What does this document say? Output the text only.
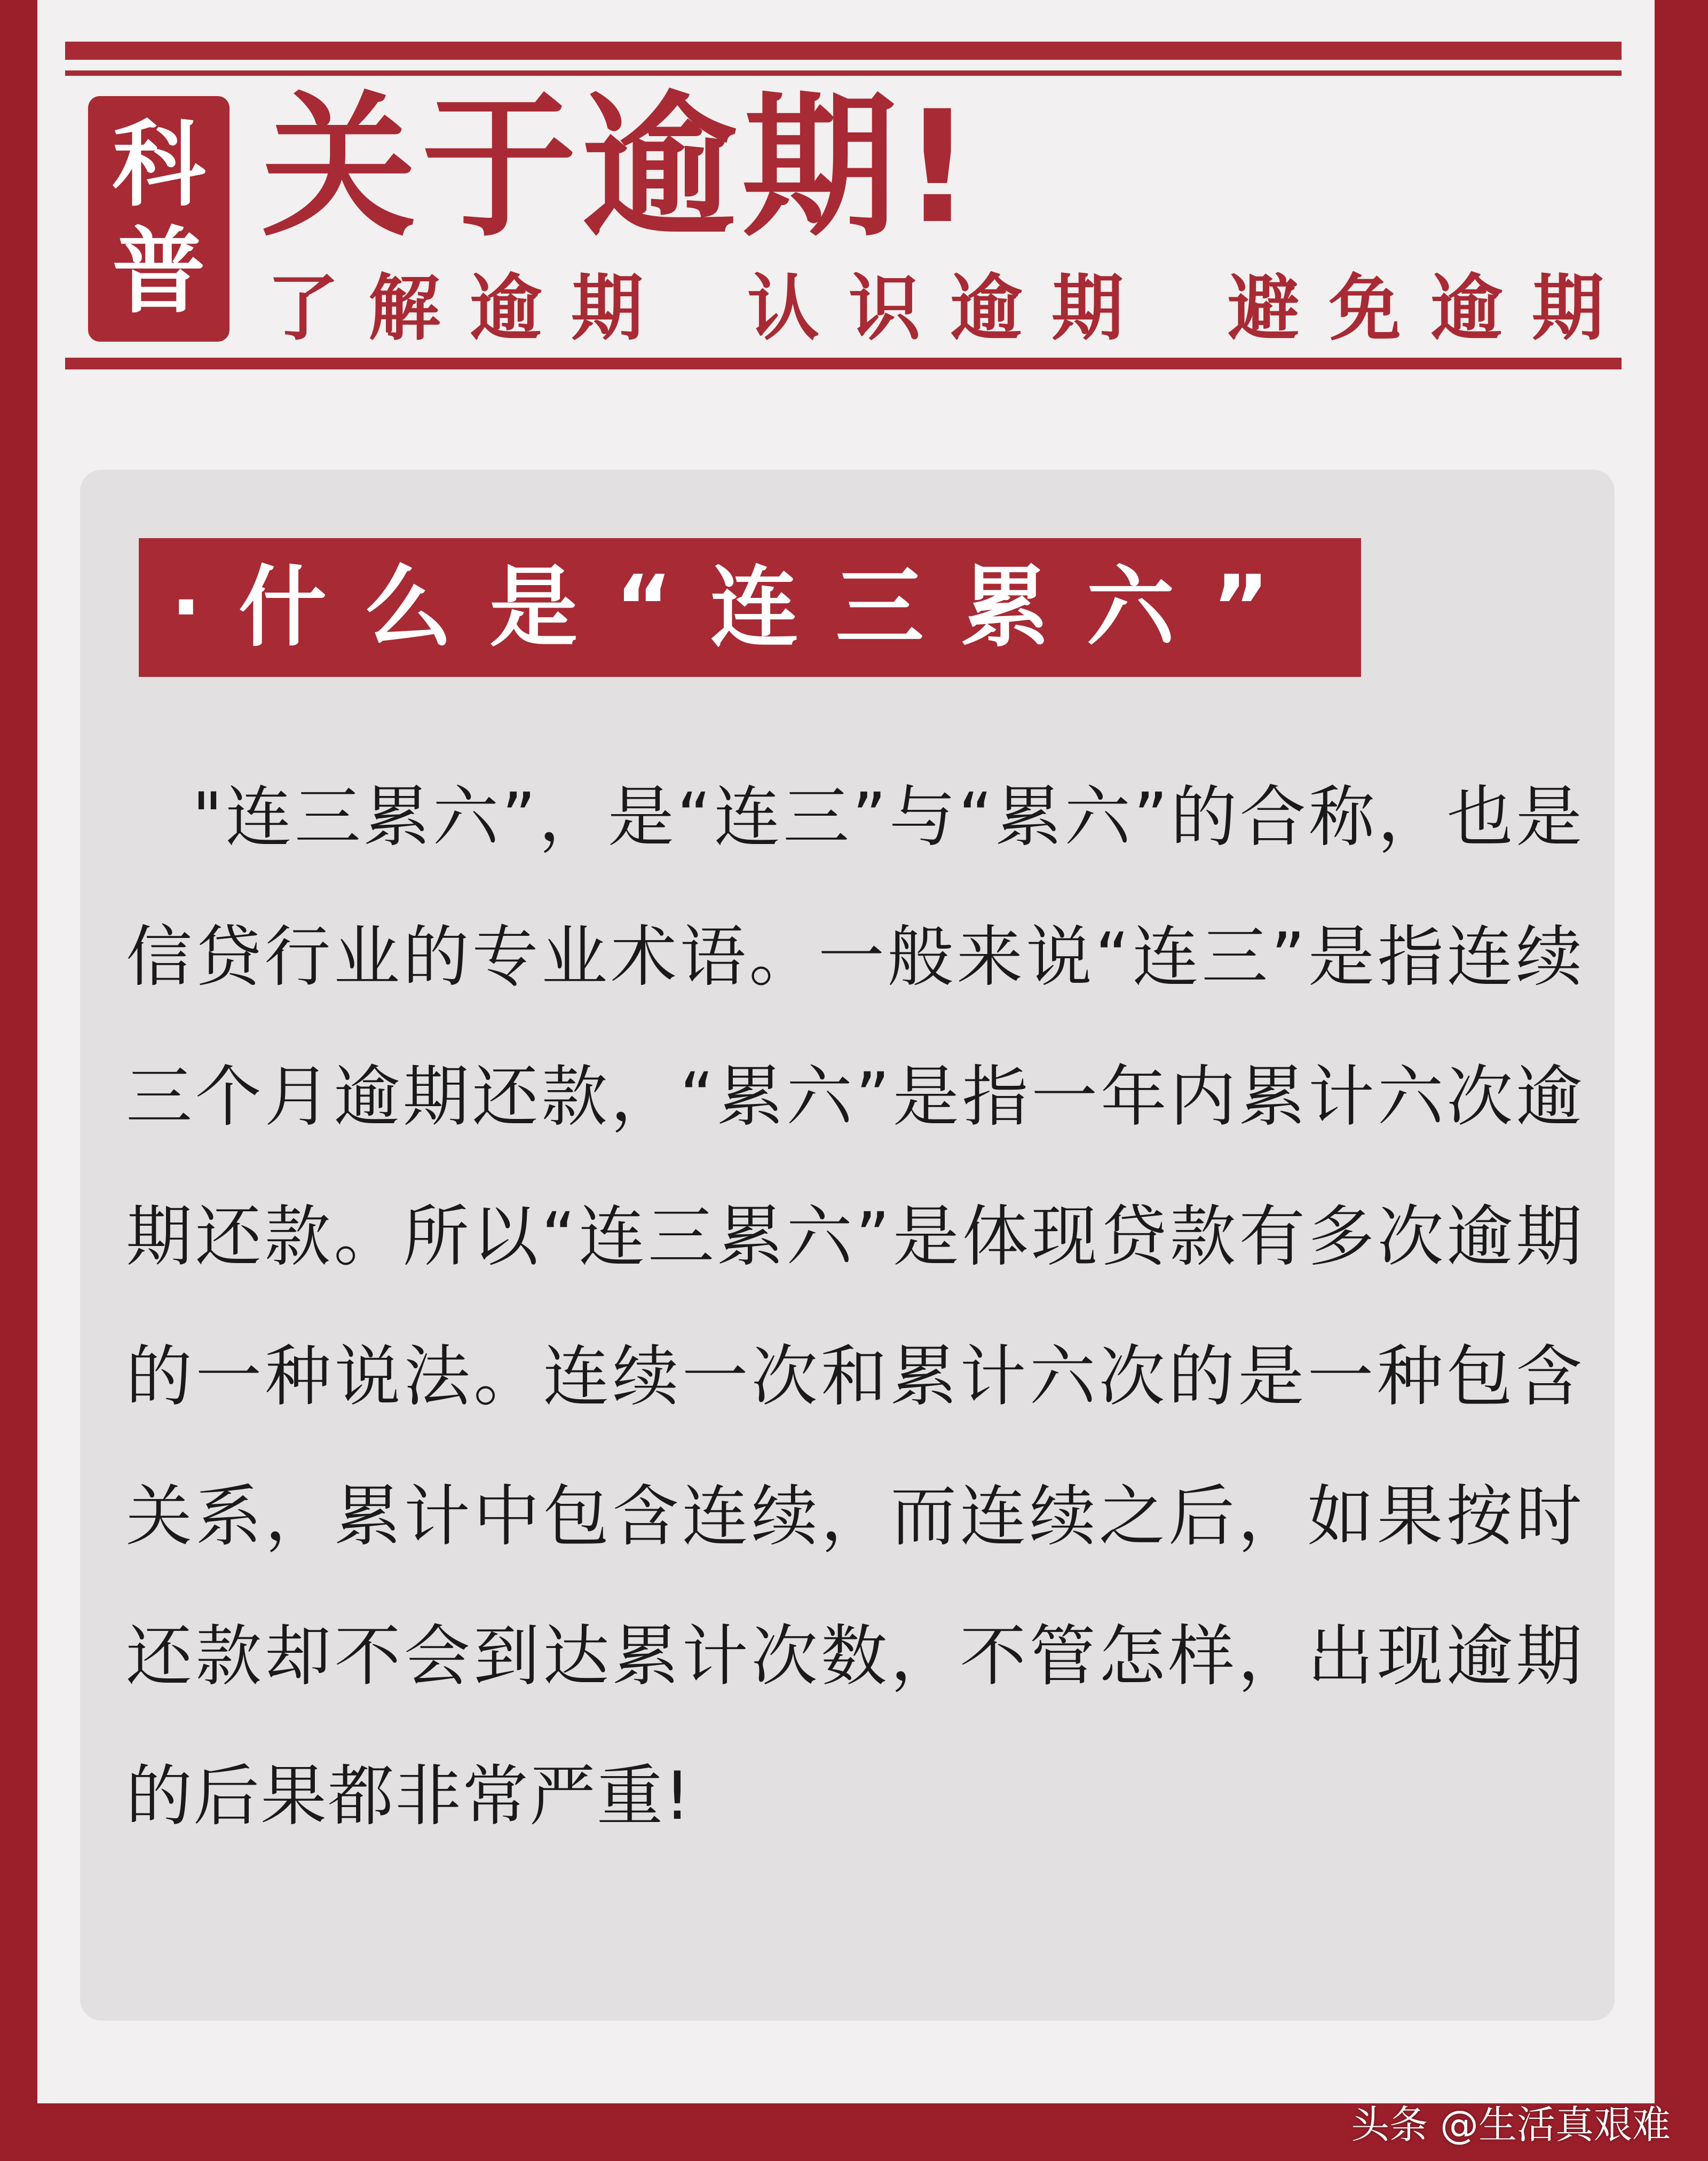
科
普
关于逾期!
了解逾期 认识逾期 避免逾期
· 什么是“连三累六”
"连三累六”，是“连三”与“累六”的合称，也是信贷行业的专业术语。一般来说“连三”是指连续三个月逾期还款，“累六”是指一年内累计六次逾期还款。所以“连三累六”是体现贷款有多次逾期的一种说法。连续一次和累计六次的是一种包含关系，累计中包含连续，而连续之后，如果按时还款却不会到达累计次数，不管怎样，出现逾期的后果都非常严重!
头条 @生活真艰难
